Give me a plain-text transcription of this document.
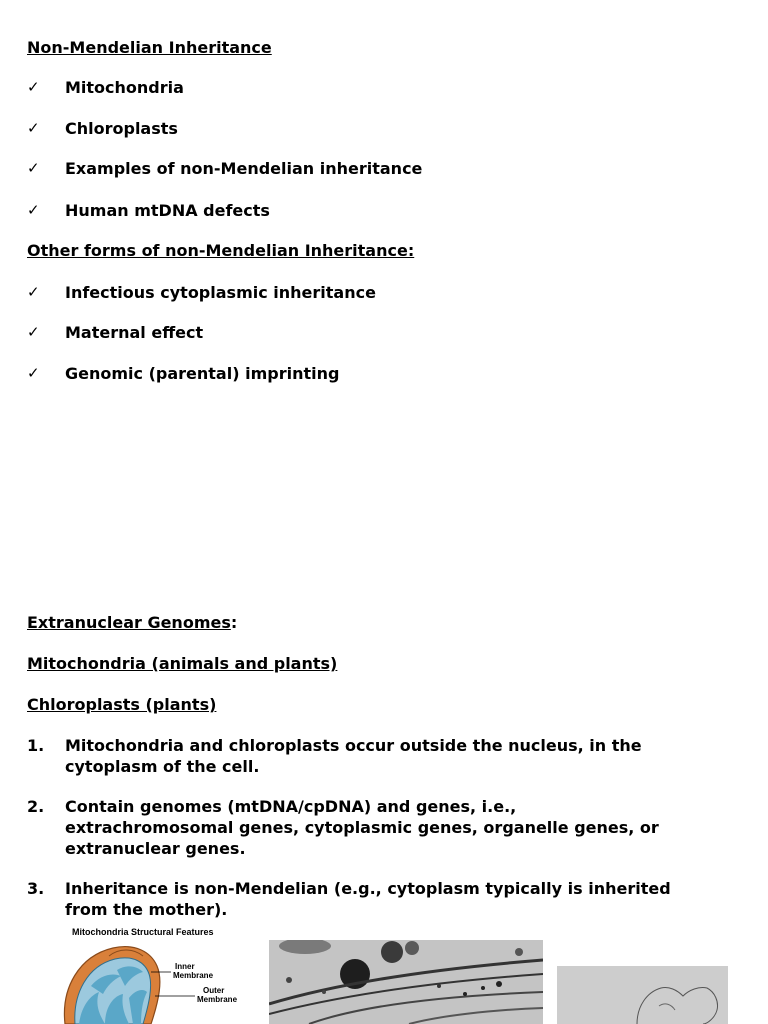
Non-Mendelian Inheritance
✓ Mitochondria
✓ Chloroplasts
✓ Examples of non-Mendelian inheritance
✓ Human mtDNA defects
Other forms of non-Mendelian Inheritance:
✓ Infectious cytoplasmic inheritance
✓ Maternal effect
✓ Genomic (parental) imprinting
Extranuclear Genomes:
Mitochondria (animals and plants)
Chloroplasts (plants)
1. Mitochondria and chloroplasts occur outside the nucleus, in the
cytoplasm of the cell.
2. Contain genomes (mtDNA/cpDNA) and genes, i.e.,
extrachromosomal genes, cytoplasmic genes, organelle genes, or
extranuclear genes.
3. Inheritance is non-Mendelian (e.g., cytoplasm typically is inherited
from the mother).
Mitochondria Structural Features
Inner
Membrane
Outer
Membrane
